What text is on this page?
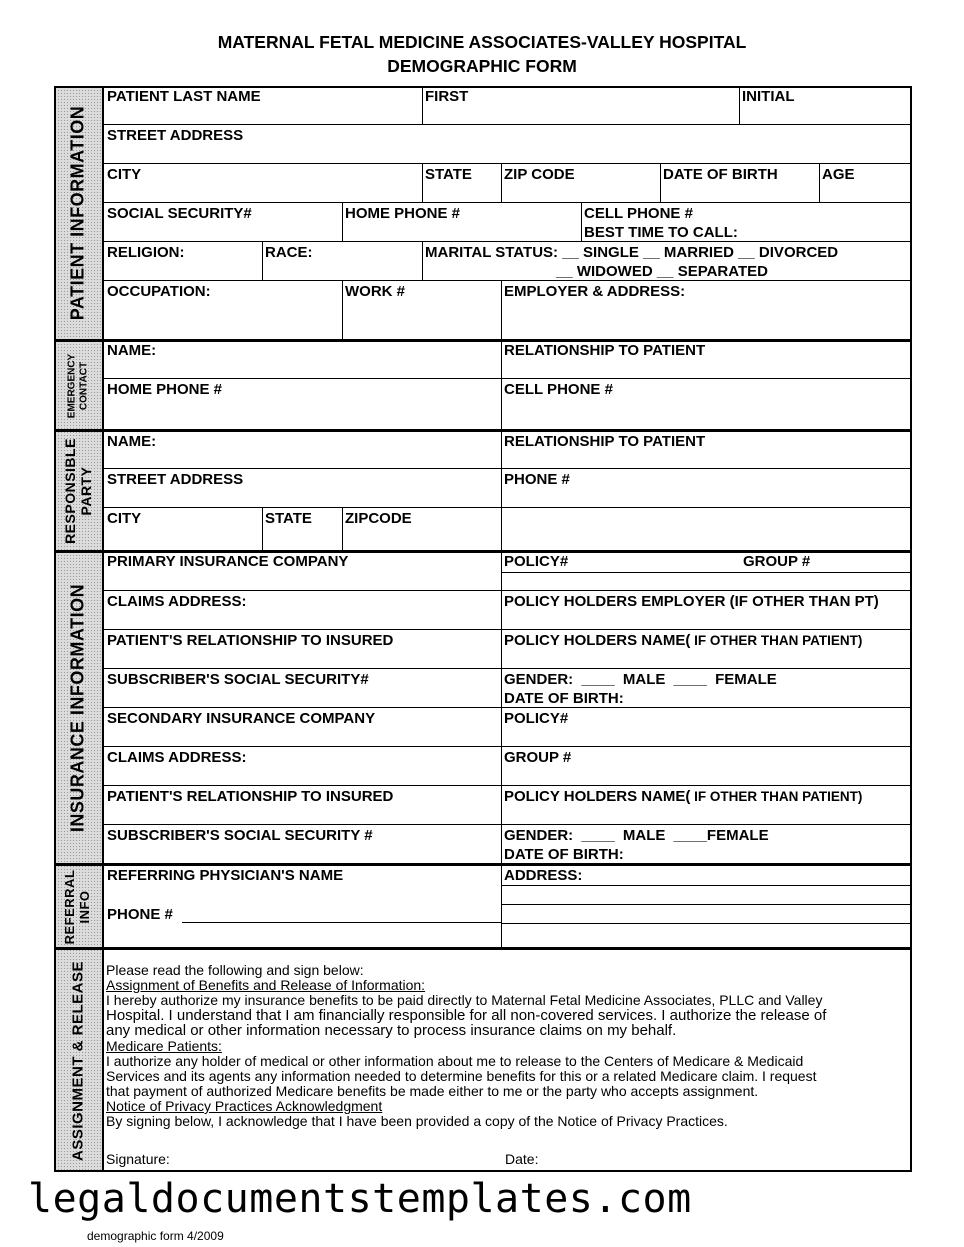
MATERNAL FETAL MEDICINE ASSOCIATES-VALLEY HOSPITAL
DEMOGRAPHIC FORM
PATIENT INFORMATION
EMERGENCY CONTACT
RESPONSIBLE PARTY
INSURANCE INFORMATION
REFERRAL INFO
ASSIGNMENT & RELEASE
PATIENT LAST NAME	FIRST	INITIAL
STREET ADDRESS
CITY	STATE ZIP CODE	DATE OF BIRTH	AGE
SOCIAL SECURITY#	HOME PHONE #	CELL PHONE #
BEST TIME TO CALL:
RELIGION:	RACE:	MARITAL STATUS: __ SINGLE __ MARRIED __ DIVORCED
__ WIDOWED __ SEPARATED
OCCUPATION:	WORK #	EMPLOYER & ADDRESS:
NAME:	RELATIONSHIP TO PATIENT
HOME PHONE #	CELL PHONE #
NAME:	RELATIONSHIP TO PATIENT
STREET ADDRESS	PHONE #
CITY	STATE ZIPCODE
PRIMARY INSURANCE COMPANY	POLICY#	GROUP #
CLAIMS ADDRESS:	POLICY HOLDERS EMPLOYER (IF OTHER THAN PT)
PATIENT'S RELATIONSHIP TO INSURED	POLICY HOLDERS NAME( IF OTHER THAN PATIENT)
SUBSCRIBER'S SOCIAL SECURITY#	GENDER: ____ MALE ____ FEMALE
DATE OF BIRTH:
SECONDARY INSURANCE COMPANY	POLICY#
CLAIMS ADDRESS:	GROUP #
PATIENT'S RELATIONSHIP TO INSURED	POLICY HOLDERS NAME( IF OTHER THAN PATIENT)
SUBSCRIBER'S SOCIAL SECURITY #	GENDER: ____ MALE ____FEMALE
DATE OF BIRTH:
REFERRING PHYSICIAN'S NAME	ADDRESS:
PHONE #
Please read the following and sign below:
Assignment of Benefits and Release of Information:
I hereby authorize my insurance benefits to be paid directly to Maternal Fetal Medicine Associates, PLLC and Valley
Hospital. I understand that I am financially responsible for all non-covered services. I authorize the release of
any medical or other information necessary to process insurance claims on my behalf.
Medicare Patients:
I authorize any holder of medical or other information about me to release to the Centers of Medicare & Medicaid
Services and its agents any information needed to determine benefits for this or a related Medicare claim. I request
that payment of authorized Medicare benefits be made either to me or the party who accepts assignment.
Notice of Privacy Practices Acknowledgment
By signing below, I acknowledge that I have been provided a copy of the Notice of Privacy Practices.
Signature:	Date:
legaldocumentstemplates.com
demographic form 4/2009
